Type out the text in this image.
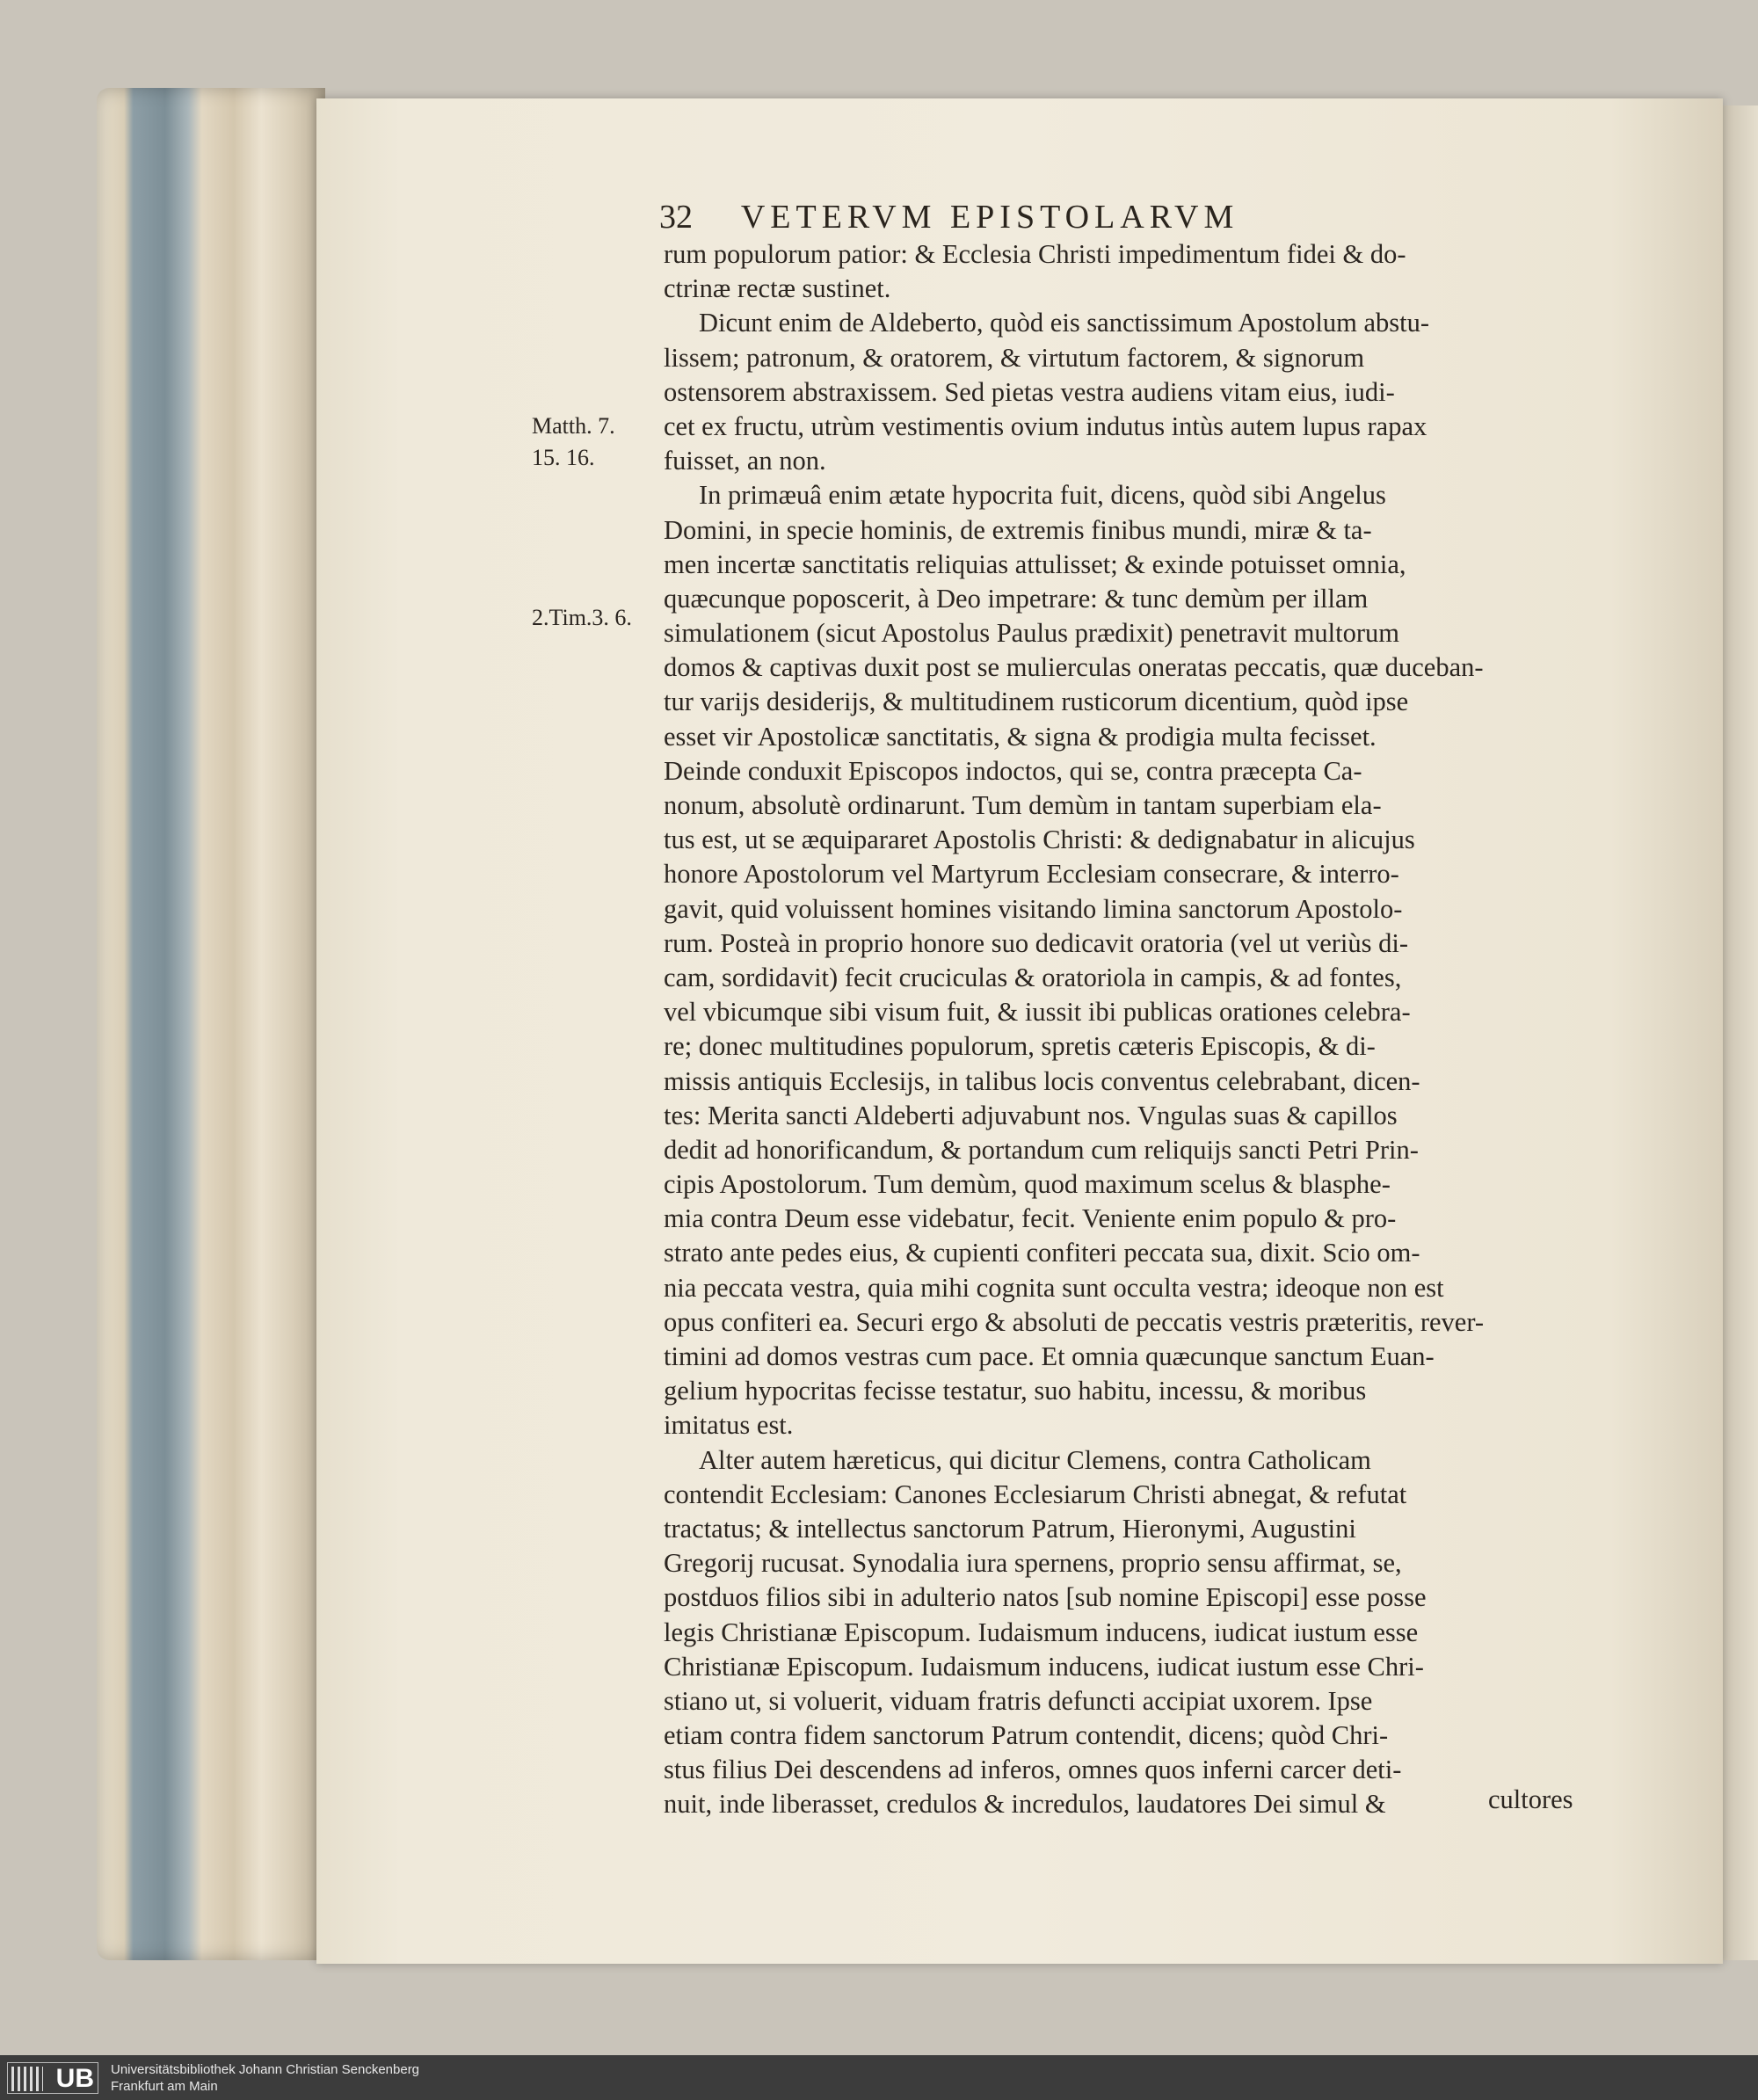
32 VETERVM EPISTOLARVM
Matth. 7.
15. 16.
2.Tim.3. 6.
rum populorum patior: & Ecclesia Christi impedimentum fidei & do-
ctrinæ rectæ sustinet.
Dicunt enim de Aldeberto, quòd eis sanctissimum Apostolum abstu-
lissem; patronum, & oratorem, & virtutum factorem, & signorum
ostensorem abstraxissem. Sed pietas vestra audiens vitam eius, iudi-
cet ex fructu, utrùm vestimentis ovium indutus intùs autem lupus rapax
fuisset, an non.
In primæuâ enim ætate hypocrita fuit, dicens, quòd sibi Angelus
Domini, in specie hominis, de extremis finibus mundi, miræ & ta-
men incertæ sanctitatis reliquias attulisset; & exinde potuisset omnia,
quæcunque poposcerit, à Deo impetrare: & tunc demùm per illam
simulationem (sicut Apostolus Paulus prædixit) penetravit multorum
domos & captivas duxit post se mulierculas oneratas peccatis, quæ duceban-
tur varijs desiderijs, & multitudinem rusticorum dicentium, quòd ipse
esset vir Apostolicæ sanctitatis, & signa & prodigia multa fecisset.
Deinde conduxit Episcopos indoctos, qui se, contra præcepta Ca-
nonum, absolutè ordinarunt. Tum demùm in tantam superbiam ela-
tus est, ut se æquipararet Apostolis Christi: & dedignabatur in alicujus
honore Apostolorum vel Martyrum Ecclesiam consecrare, & interro-
gavit, quid voluissent homines visitando limina sanctorum Apostolo-
rum. Posteà in proprio honore suo dedicavit oratoria (vel ut veriùs di-
cam, sordidavit) fecit cruciculas & oratoriola in campis, & ad fontes,
vel vbicumque sibi visum fuit, & iussit ibi publicas orationes celebra-
re; donec multitudines populorum, spretis cæteris Episcopis, & di-
missis antiquis Ecclesijs, in talibus locis conventus celebrabant, dicen-
tes: Merita sancti Aldeberti adjuvabunt nos. Vngulas suas & capillos
dedit ad honorificandum, & portandum cum reliquijs sancti Petri Prin-
cipis Apostolorum. Tum demùm, quod maximum scelus & blasphe-
mia contra Deum esse videbatur, fecit. Veniente enim populo & pro-
strato ante pedes eius, & cupienti confiteri peccata sua, dixit. Scio om-
nia peccata vestra, quia mihi cognita sunt occulta vestra; ideoque non est
opus confiteri ea. Securi ergo & absoluti de peccatis vestris præteritis, rever-
timini ad domos vestras cum pace. Et omnia quæcunque sanctum Euan-
gelium hypocritas fecisse testatur, suo habitu, incessu, & moribus
imitatus est.
Alter autem hæreticus, qui dicitur Clemens, contra Catholicam
contendit Ecclesiam: Canones Ecclesiarum Christi abnegat, & refutat
tractatus; & intellectus sanctorum Patrum, Hieronymi, Augustini
Gregorij rucusat. Synodalia iura spernens, proprio sensu affirmat, se,
postduos filios sibi in adulterio natos [sub nomine Episcopi] esse posse
legis Christianæ Episcopum. Iudaismum inducens, iudicat iustum esse
Christianæ Episcopum. Iudaismum inducens, iudicat iustum esse Chri-
stiano ut, si voluerit, viduam fratris defuncti accipiat uxorem. Ipse
etiam contra fidem sanctorum Patrum contendit, dicens; quòd Chri-
stus filius Dei descendens ad inferos, omnes quos inferni carcer deti-
nuit, inde liberasset, credulos & incredulos, laudatores Dei simul &	cultores
UB	Universitätsbibliothek Johann Christian Senckenberg
Frankfurt am Main
